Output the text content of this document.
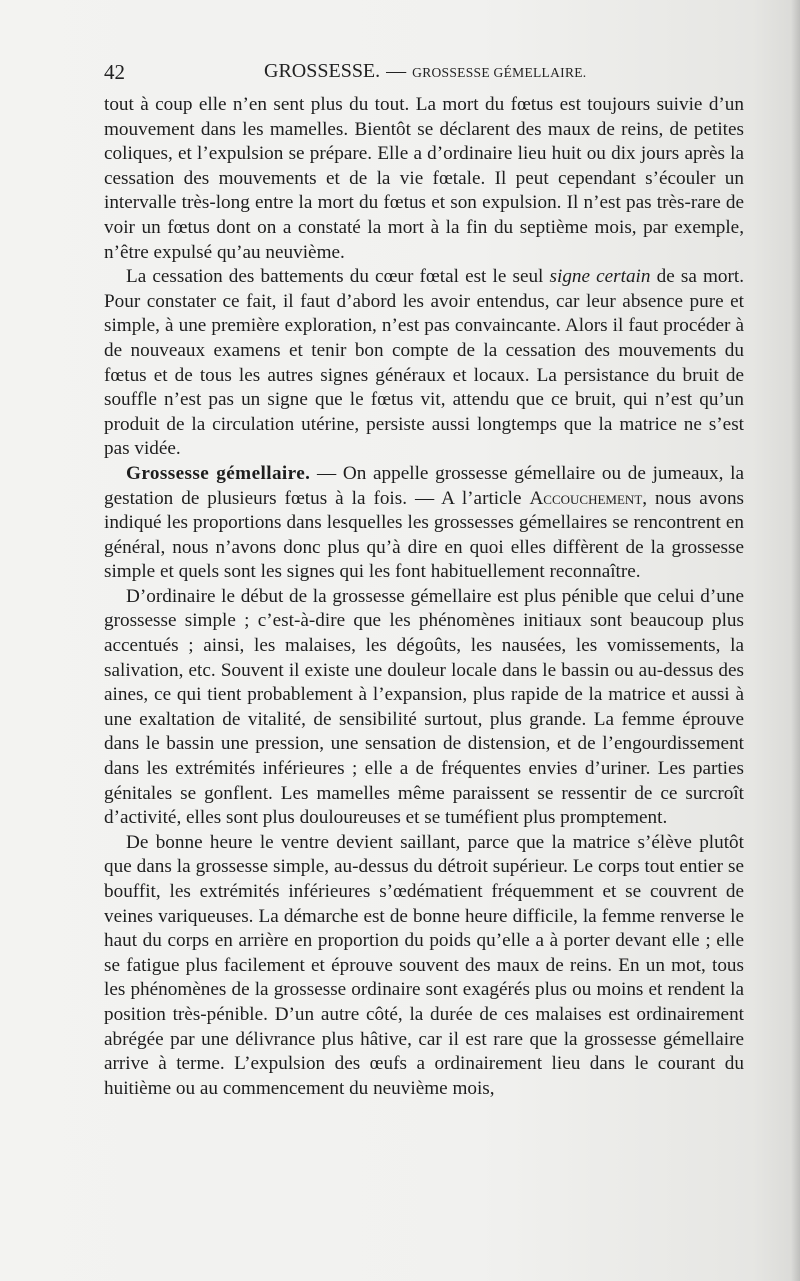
42	GROSSESSE. — GROSSESSE GÉMELLAIRE.

tout à coup elle n’en sent plus du tout. La mort du fœtus est toujours suivie d’un mouvement dans les mamelles. Bientôt se déclarent des maux de reins, de petites coliques, et l’expulsion se prépare. Elle a d’ordinaire lieu huit ou dix jours après la cessation des mouvements et de la vie fœtale. Il peut cependant s’écouler un intervalle très-long entre la mort du fœtus et son expulsion. Il n’est pas très-rare de voir un fœtus dont on a constaté la mort à la fin du septième mois, par exemple, n’être expulsé qu’au neuvième.

La cessation des battements du cœur fœtal est le seul signe certain de sa mort. Pour constater ce fait, il faut d’abord les avoir entendus, car leur absence pure et simple, à une première exploration, n’est pas convaincante. Alors il faut procéder à de nouveaux examens et tenir bon compte de la cessation des mouvements du fœtus et de tous les autres signes généraux et locaux. La persistance du bruit de souffle n’est pas un signe que le fœtus vit, attendu que ce bruit, qui n’est qu’un produit de la circulation utérine, persiste aussi longtemps que la matrice ne s’est pas vidée.

Grossesse gémellaire. — On appelle grossesse gémellaire ou de jumeaux, la gestation de plusieurs fœtus à la fois. — A l’article Accouchement, nous avons indiqué les proportions dans lesquelles les grossesses gémellaires se rencontrent en général, nous n’avons donc plus qu’à dire en quoi elles diffèrent de la grossesse simple et quels sont les signes qui les font habituellement reconnaître.

D’ordinaire le début de la grossesse gémellaire est plus pénible que celui d’une grossesse simple ; c’est-à-dire que les phénomènes initiaux sont beaucoup plus accentués ; ainsi, les malaises, les dégoûts, les nausées, les vomissements, la salivation, etc. Souvent il existe une douleur locale dans le bassin ou au-dessus des aines, ce qui tient probablement à l’expansion, plus rapide de la matrice et aussi à une exaltation de vitalité, de sensibilité surtout, plus grande. La femme éprouve dans le bassin une pression, une sensation de distension, et de l’engourdissement dans les extrémités inférieures ; elle a de fréquentes envies d’uriner. Les parties génitales se gonflent. Les mamelles même paraissent se ressentir de ce surcroît d’activité, elles sont plus douloureuses et se tuméfient plus promptement.

De bonne heure le ventre devient saillant, parce que la matrice s’élève plutôt que dans la grossesse simple, au-dessus du détroit supérieur. Le corps tout entier se bouffit, les extrémités inférieures s’œdématient fréquemment et se couvrent de veines variqueuses. La démarche est de bonne heure difficile, la femme renverse le haut du corps en arrière en proportion du poids qu’elle a à porter devant elle ; elle se fatigue plus facilement et éprouve souvent des maux de reins. En un mot, tous les phénomènes de la grossesse ordinaire sont exagérés plus ou moins et rendent la position très-pénible. D’un autre côté, la durée de ces malaises est ordinairement abrégée par une délivrance plus hâtive, car il est rare que la grossesse gémellaire arrive à terme. L’expulsion des œufs a ordinairement lieu dans le courant du huitième ou au commencement du neuvième mois,
